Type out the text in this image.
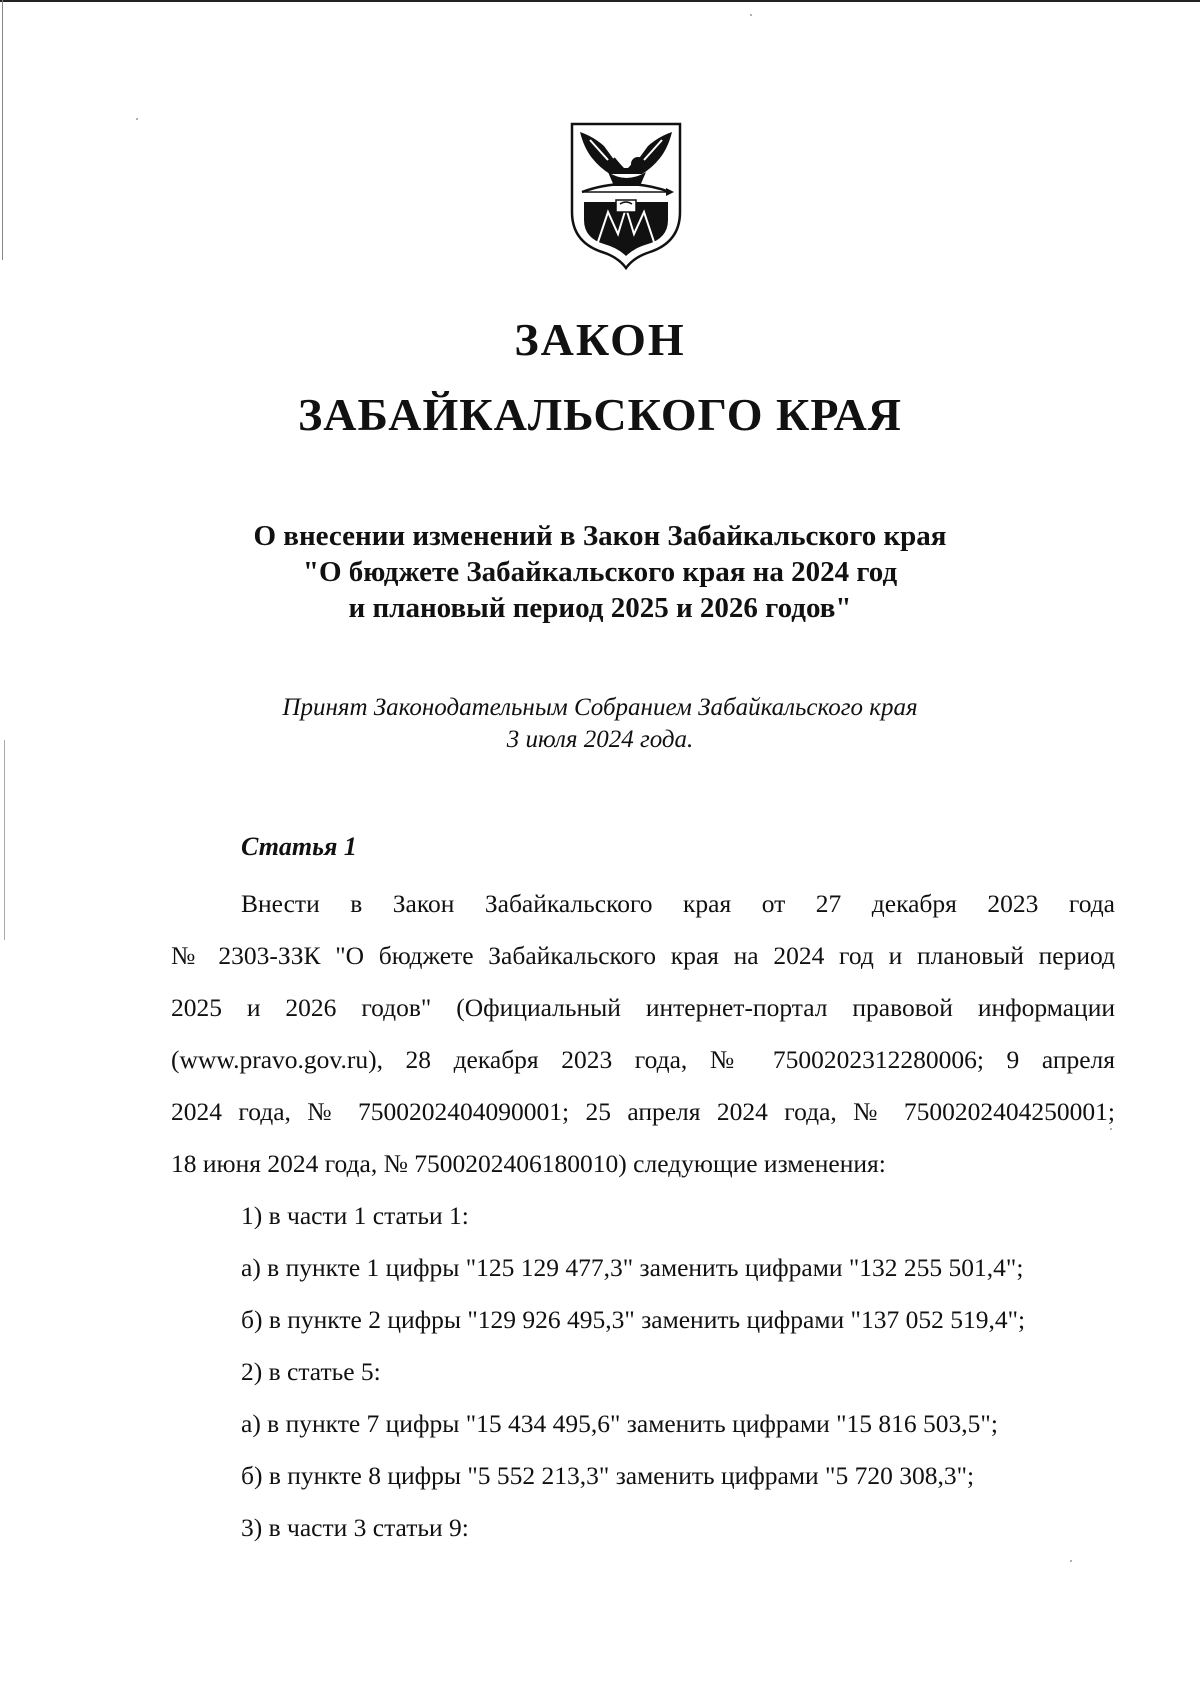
ЗАКОН
ЗАБАЙКАЛЬСКОГО КРАЯ
О внесении изменений в Закон Забайкальского края
"О бюджете Забайкальского края на 2024 год
и плановый период 2025 и 2026 годов"
Принят Законодательным Собранием Забайкальского края
3 июля 2024 года.
Статья 1
Внести в Закон Забайкальского края от 27 декабря 2023 года
№ 2303-ЗЗК "О бюджете Забайкальского края на 2024 год и плановый период
2025 и 2026 годов" (Официальный интернет-портал правовой информации
(www.pravo.gov.ru), 28 декабря 2023 года, № 7500202312280006; 9 апреля
2024 года, № 7500202404090001; 25 апреля 2024 года, № 7500202404250001;
18 июня 2024 года, № 7500202406180010) следующие изменения:
1) в части 1 статьи 1:
а) в пункте 1 цифры "125 129 477,3" заменить цифрами "132 255 501,4";
б) в пункте 2 цифры "129 926 495,3" заменить цифрами "137 052 519,4";
2) в статье 5:
а) в пункте 7 цифры "15 434 495,6" заменить цифрами "15 816 503,5";
б) в пункте 8 цифры "5 552 213,3" заменить цифрами "5 720 308,3";
3) в части 3 статьи 9:
